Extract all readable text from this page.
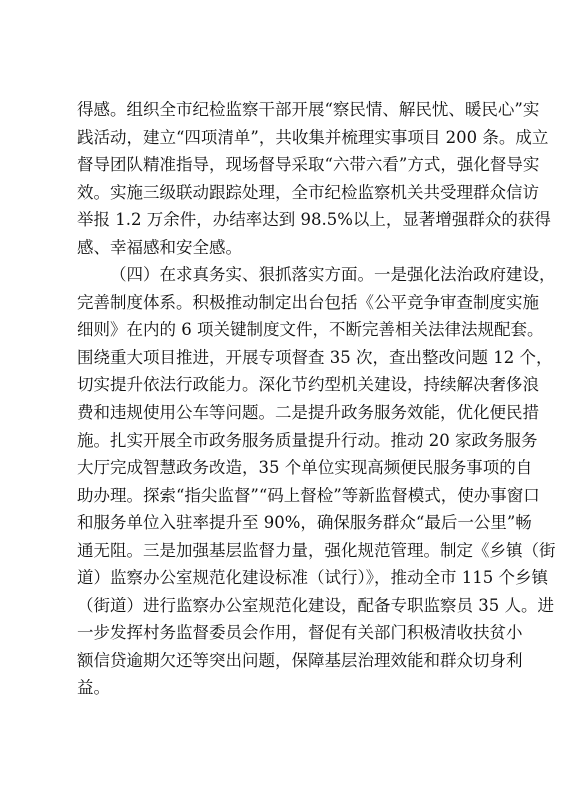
得感。组织全市纪检监察干部开展“察民情、解民忧、暖民心”实
践活动，建立“四项清单”，共收集并梳理实事项目 200 条。成立
督导团队精准指导，现场督导采取“六带六看”方式，强化督导实
效。实施三级联动跟踪处理，全市纪检监察机关共受理群众信访
举报 1.2 万余件，办结率达到 98.5%以上，显著增强群众的获得
感、幸福感和安全感。
（四）在求真务实、狠抓落实方面。一是强化法治政府建设，
完善制度体系。积极推动制定出台包括《公平竞争审查制度实施
细则》在内的 6 项关键制度文件，不断完善相关法律法规配套。
围绕重大项目推进，开展专项督查 35 次，查出整改问题 12 个，
切实提升依法行政能力。深化节约型机关建设，持续解决奢侈浪
费和违规使用公车等问题。二是提升政务服务效能，优化便民措
施。扎实开展全市政务服务质量提升行动。推动 20 家政务服务
大厅完成智慧政务改造，35 个单位实现高频便民服务事项的自
助办理。探索“指尖监督”“码上督检”等新监督模式，使办事窗口
和服务单位入驻率提升至 90%，确保服务群众“最后一公里”畅
通无阻。三是加强基层监督力量，强化规范管理。制定《乡镇（街
道）监察办公室规范化建设标准（试行）》，推动全市 115 个乡镇
（街道）进行监察办公室规范化建设，配备专职监察员 35 人。进
一步发挥村务监督委员会作用，督促有关部门积极清收扶贫小
额信贷逾期欠还等突出问题，保障基层治理效能和群众切身利
益。
